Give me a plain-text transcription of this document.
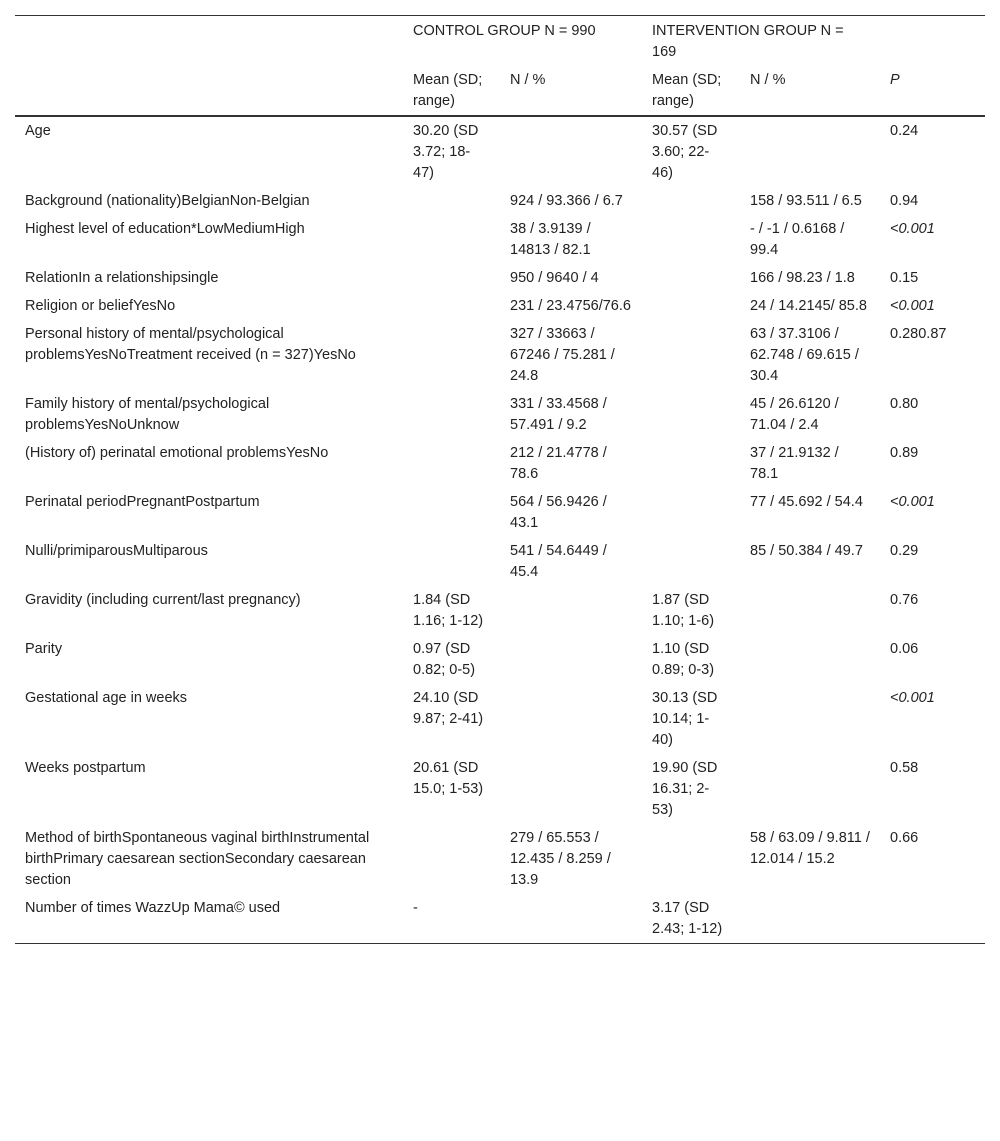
	CONTROL GROUP N = 990		INTERVENTION GROUP N = 169		
	Mean (SD; range)	N / %	Mean (SD; range)	N / %	P
Age	30.20 (SD 3.72; 18-47)		30.57 (SD 3.60; 22-46)		0.24
Background (nationality)BelgianNon-Belgian		924 / 93.366 / 6.7		158 / 93.511 / 6.5	0.94
Highest level of education*LowMediumHigh		38 / 3.9139 / 14813 / 82.1		- / -1 / 0.6168 / 99.4	<0.001
RelationIn a relationshipsingle		950 / 9640 / 4		166 / 98.23 / 1.8	0.15
Religion or beliefYesNo		231 / 23.4756/76.6		24 / 14.2145/ 85.8	<0.001
Personal history of mental/psychological problemsYesNoTreatment received (n = 327)YesNo		327 / 33663 / 67246 / 75.281 / 24.8		63 / 37.3106 / 62.748 / 69.615 / 30.4	0.280.87
Family history of mental/psychological problemsYesNoUnknow		331 / 33.4568 / 57.491 / 9.2		45 / 26.6120 / 71.04 / 2.4	0.80
(History of) perinatal emotional problemsYesNo		212 / 21.4778 / 78.6		37 / 21.9132 / 78.1	0.89
Perinatal periodPregnantPostpartum		564 / 56.9426 / 43.1		77 / 45.692 / 54.4	<0.001
Nulli/primiparousMultiparous		541 / 54.6449 / 45.4		85 / 50.384 / 49.7	0.29
Gravidity (including current/last pregnancy)	1.84 (SD 1.16; 1-12)		1.87 (SD 1.10; 1-6)		0.76
Parity	0.97 (SD 0.82; 0-5)		1.10 (SD 0.89; 0-3)		0.06
Gestational age in weeks	24.10 (SD 9.87; 2-41)		30.13 (SD 10.14; 1-40)		<0.001
Weeks postpartum	20.61 (SD 15.0; 1-53)		19.90 (SD 16.31; 2-53)		0.58
Method of birthSpontaneous vaginal birthInstrumental birthPrimary caesarean sectionSecondary caesarean section		279 / 65.553 / 12.435 / 8.259 / 13.9		58 / 63.09 / 9.811 / 12.014 / 15.2	0.66
Number of times WazzUp Mama© used	-		3.17 (SD 2.43; 1-12)		
